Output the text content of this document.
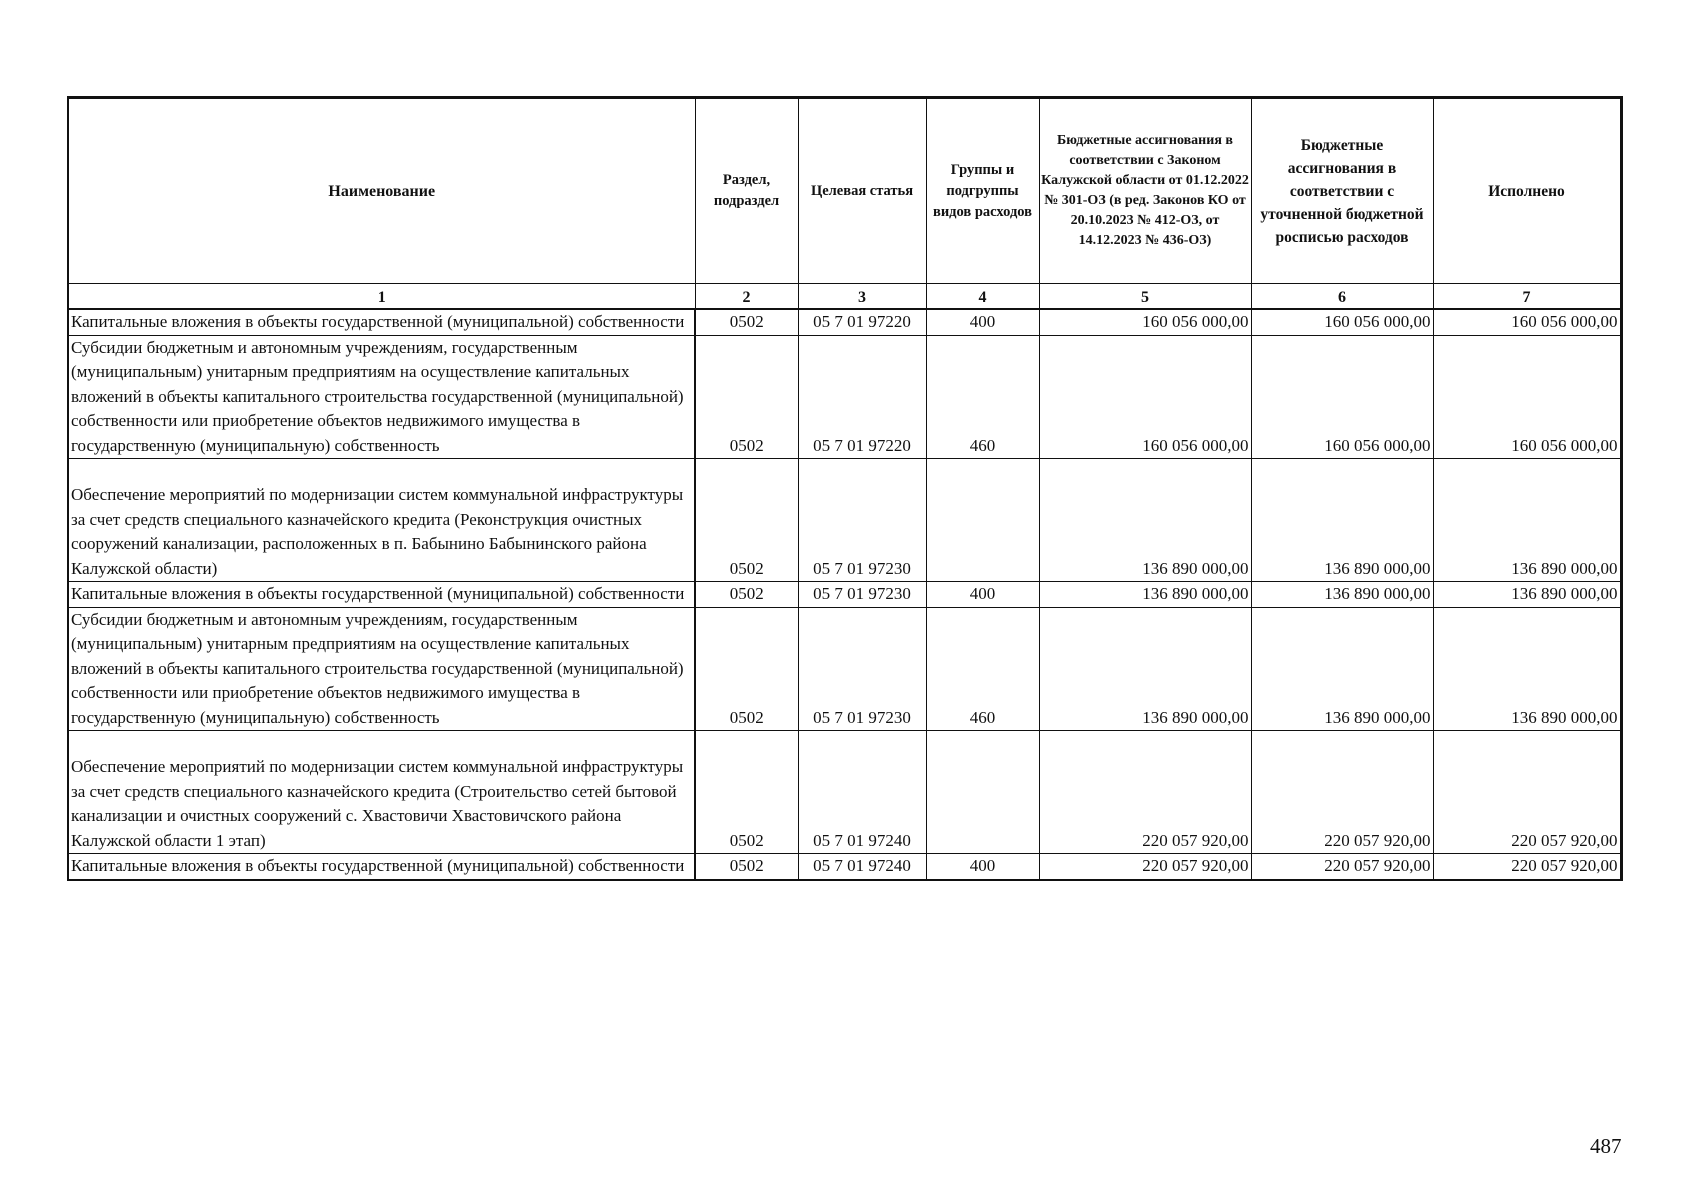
Наименование	Раздел, подраздел	Целевая статья	Группы и подгруппы видов расходов	Бюджетные ассигнования в соответствии с Законом Калужской области от 01.12.2022 № 301-ОЗ (в ред. Законов КО от 20.10.2023 № 412-ОЗ, от 14.12.2023 № 436-ОЗ)	Бюджетные ассигнования в соответствии с уточненной бюджетной росписью расходов	Исполнено
1	2	3	4	5	6	7
Капитальные вложения в объекты государственной (муниципальной) собственности	0502	05 7 01 97220	400	160 056 000,00	160 056 000,00	160 056 000,00
Субсидии бюджетным и автономным учреждениям, государственным (муниципальным) унитарным предприятиям на осуществление капитальных вложений в объекты капитального строительства государственной (муниципальной) собственности или приобретение объектов недвижимого имущества в государственную (муниципальную) собственность	0502	05 7 01 97220	460	160 056 000,00	160 056 000,00	160 056 000,00
Обеспечение мероприятий по модернизации систем коммунальной инфраструктуры за счет средств специального казначейского кредита (Реконструкция очистных сооружений канализации, расположенных в п. Бабынино Бабынинского района Калужской области)	0502	05 7 01 97230		136 890 000,00	136 890 000,00	136 890 000,00
Капитальные вложения в объекты государственной (муниципальной) собственности	0502	05 7 01 97230	400	136 890 000,00	136 890 000,00	136 890 000,00
Субсидии бюджетным и автономным учреждениям, государственным (муниципальным) унитарным предприятиям на осуществление капитальных вложений в объекты капитального строительства государственной (муниципальной) собственности или приобретение объектов недвижимого имущества в государственную (муниципальную) собственность	0502	05 7 01 97230	460	136 890 000,00	136 890 000,00	136 890 000,00
Обеспечение мероприятий по модернизации систем коммунальной инфраструктуры за счет средств специального казначейского кредита (Строительство сетей бытовой канализации и очистных сооружений с. Хвастовичи Хвастовичского района Калужской области 1 этап)	0502	05 7 01 97240		220 057 920,00	220 057 920,00	220 057 920,00
Капитальные вложения в объекты государственной (муниципальной) собственности	0502	05 7 01 97240	400	220 057 920,00	220 057 920,00	220 057 920,00
487
